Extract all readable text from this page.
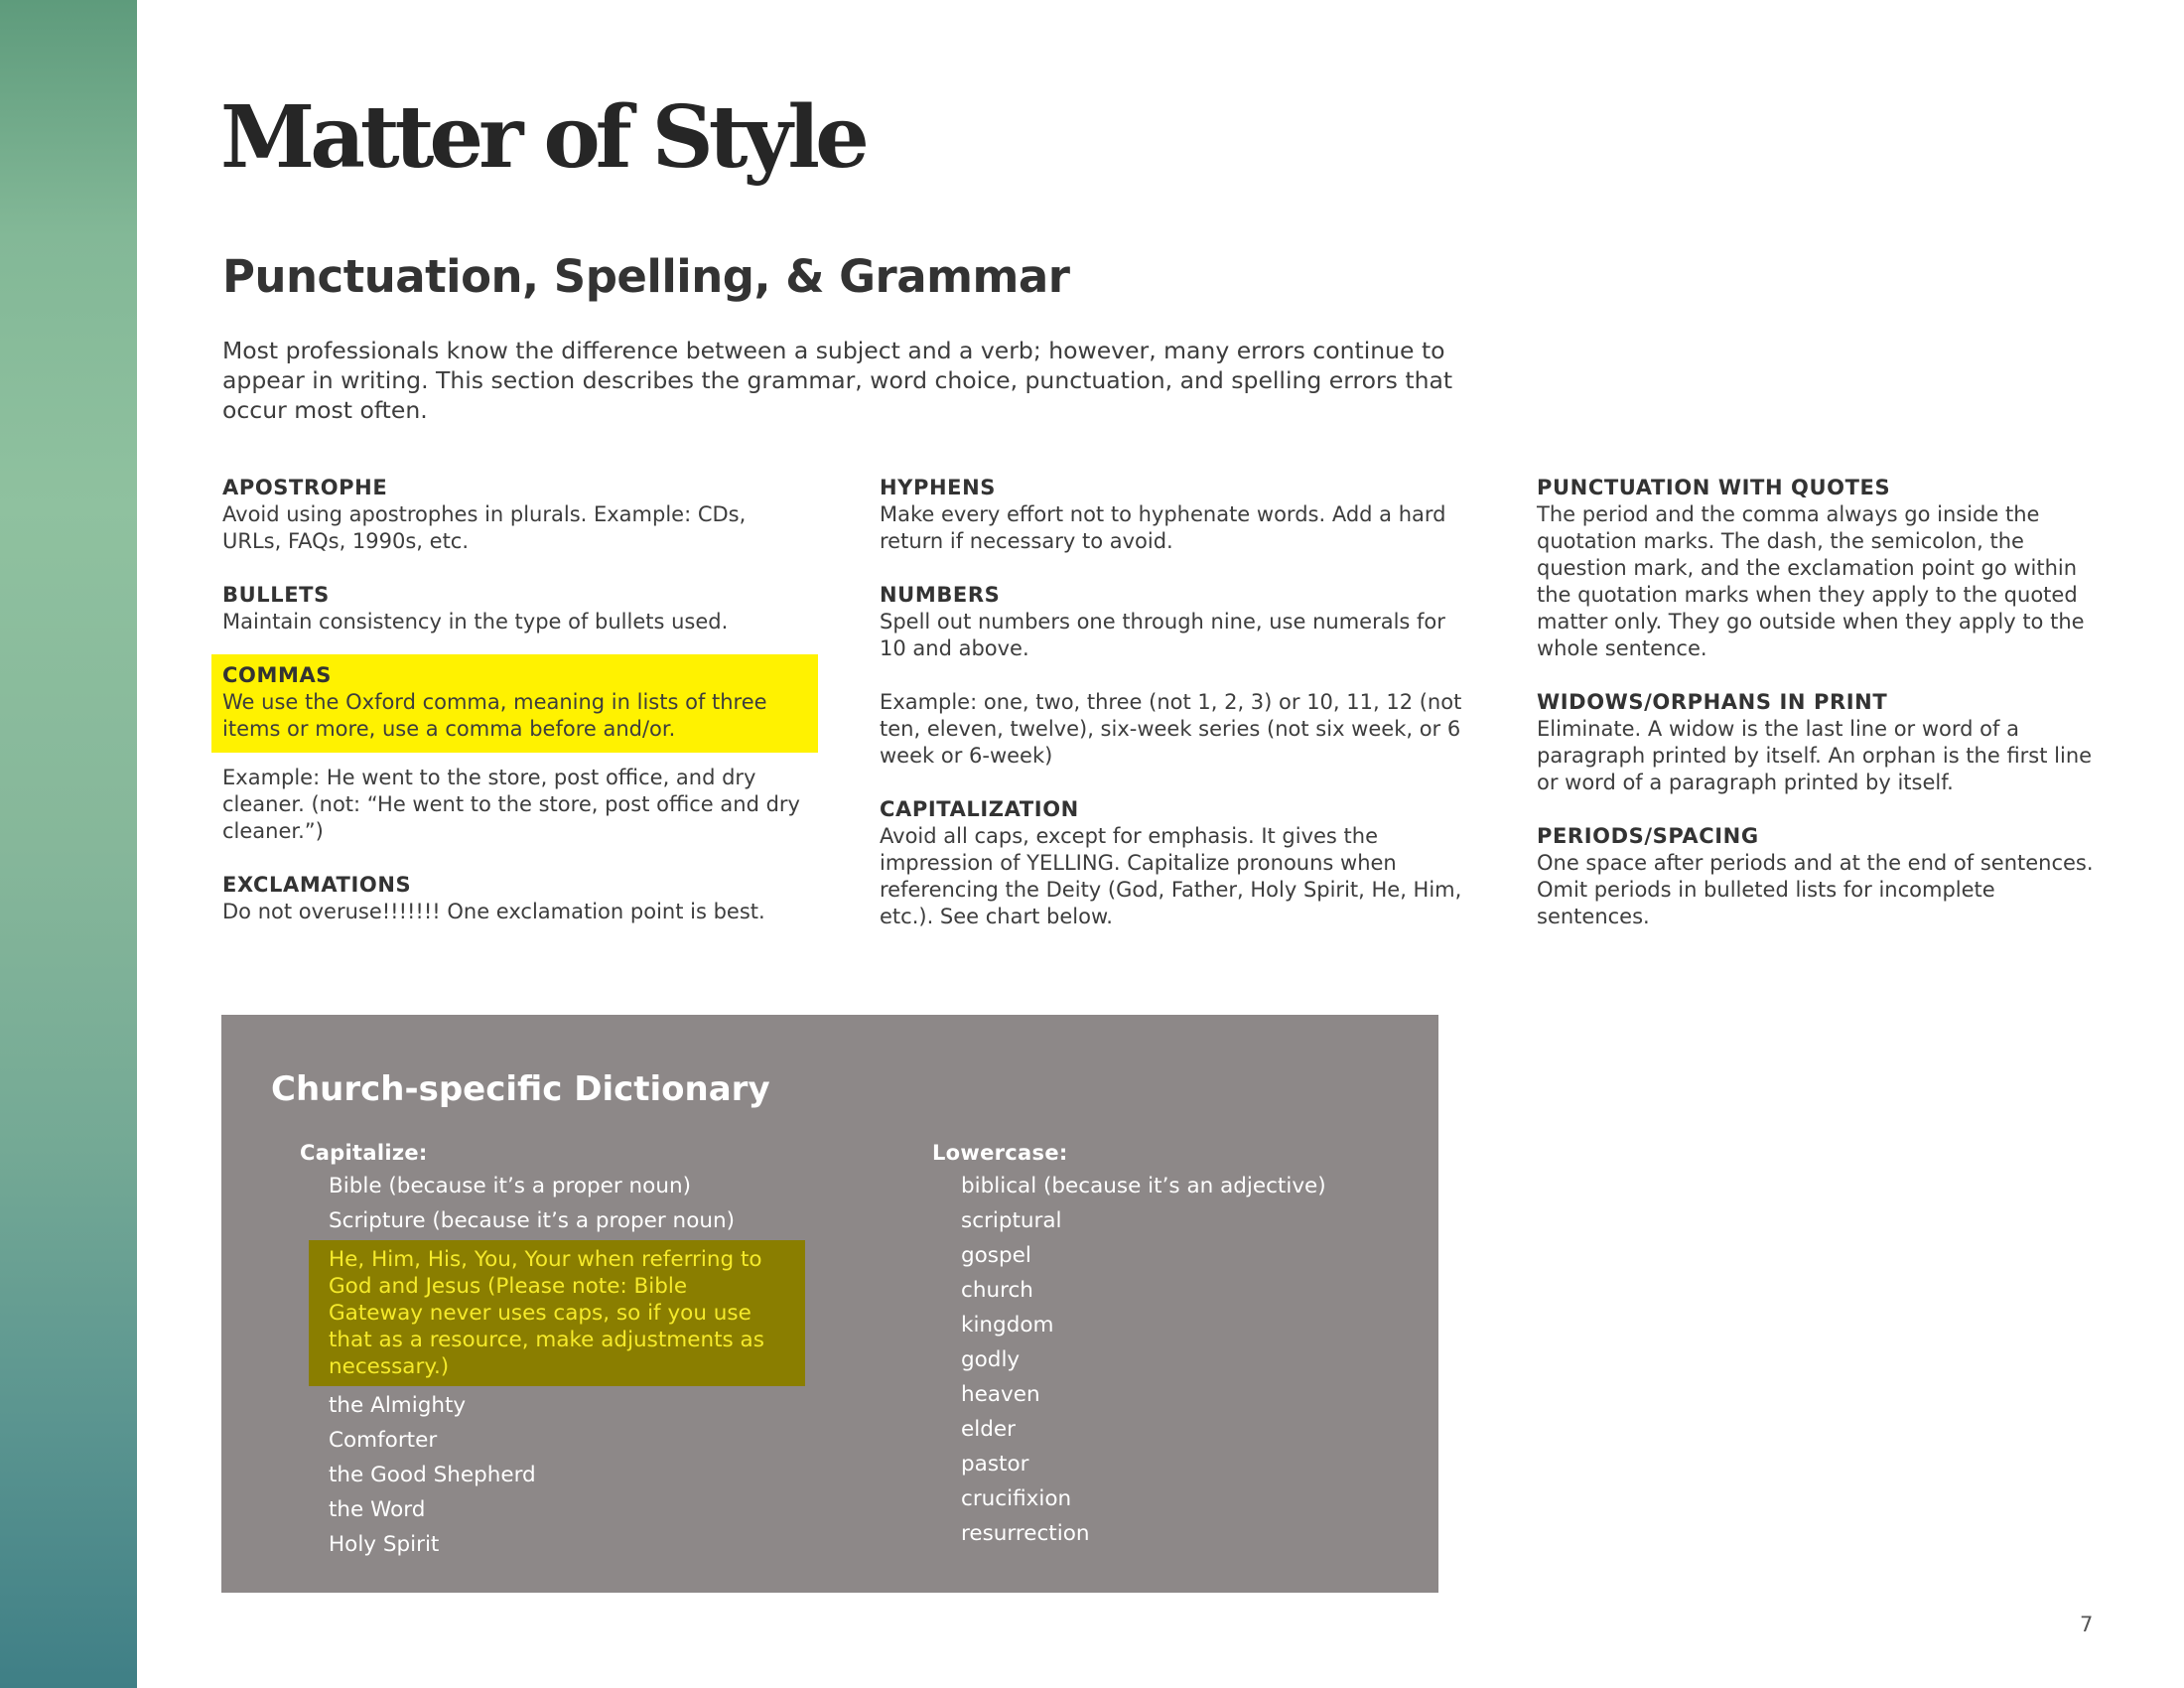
Matter of Style
Punctuation, Spelling, & Grammar

Most professionals know the difference between a subject and a verb; however, many errors continue to appear in writing. This section describes the grammar, word choice, punctuation, and spelling errors that occur most often.

APOSTROPHE

Avoid using apostrophes in plurals. Example: CDs, URLs, FAQs, 1990s, etc.

BULLETS

Maintain consistency in the type of bullets used.

COMMAS

We use the Oxford comma, meaning in lists of three items or more, use a comma before and/or.

Example: He went to the store, post office, and dry cleaner. (not: “He went to the store, post office and dry cleaner.”)

EXCLAMATIONS

Do not overuse!!!!!!! One exclamation point is best.

HYPHENS

Make every effort not to hyphenate words. Add a hard return if necessary to avoid.

NUMBERS

Spell out numbers one through nine, use numerals for 10 and above.

Example: one, two, three (not 1, 2, 3) or 10, 11, 12 (not ten, eleven, twelve), six-week series (not six week, or 6 week or 6-week)

CAPITALIZATION

Avoid all caps, except for emphasis. It gives the impression of YELLING. Capitalize pronouns when referencing the Deity (God, Father, Holy Spirit, He, Him, etc.). See chart below.

PUNCTUATION WITH QUOTES

The period and the comma always go inside the quotation marks. The dash, the semicolon, the question mark, and the exclamation point go within the quotation marks when they apply to the quoted matter only. They go outside when they apply to the whole sentence.

WIDOWS/ORPHANS IN PRINT

Eliminate. A widow is the last line or word of a paragraph printed by itself. An orphan is the first line or word of a paragraph printed by itself.

PERIODS/SPACING

One space after periods and at the end of sentences. Omit periods in bulleted lists for incomplete sentences.

Church-specific Dictionary
Capitalize:
Bible (because it’s a proper noun)
Scripture (because it’s a proper noun)
He, Him, His, You, Your when referring to God and Jesus (Please note: Bible Gateway never uses caps, so if you use that as a resource, make adjustments as necessary.)
the Almighty
Comforter
the Good Shepherd
the Word
Holy Spirit
Lowercase:
biblical (because it’s an adjective)
scriptural
gospel
church
kingdom
godly
heaven
elder
pastor
crucifixion
resurrection
7
